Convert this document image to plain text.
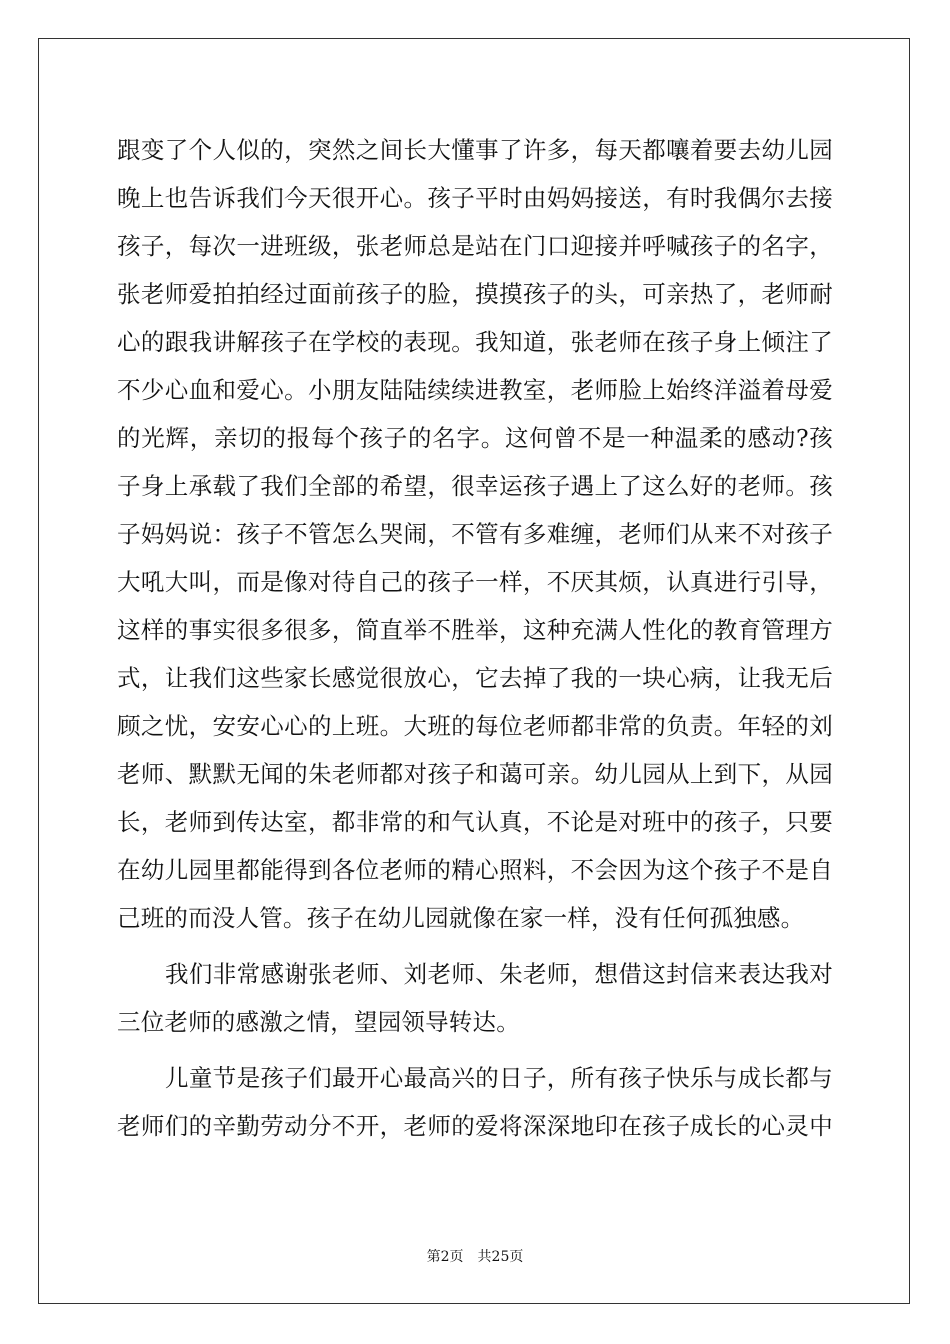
跟变了个人似的，突然之间长大懂事了许多，每天都嚷着要去幼儿园
晚上也告诉我们今天很开心。孩子平时由妈妈接送，有时我偶尔去接
孩子，每次一进班级，张老师总是站在门口迎接并呼喊孩子的名字，
张老师爱拍拍经过面前孩子的脸，摸摸孩子的头，可亲热了，老师耐
心的跟我讲解孩子在学校的表现。我知道，张老师在孩子身上倾注了
不少心血和爱心。小朋友陆陆续续进教室，老师脸上始终洋溢着母爱
的光辉，亲切的报每个孩子的名字。这何曾不是一种温柔的感动?孩
子身上承载了我们全部的希望，很幸运孩子遇上了这么好的老师。孩
子妈妈说：孩子不管怎么哭闹，不管有多难缠，老师们从来不对孩子
大吼大叫，而是像对待自己的孩子一样，不厌其烦，认真进行引导，
这样的事实很多很多，简直举不胜举，这种充满人性化的教育管理方
式，让我们这些家长感觉很放心，它去掉了我的一块心病，让我无后
顾之忧，安安心心的上班。大班的每位老师都非常的负责。年轻的刘
老师、默默无闻的朱老师都对孩子和蔼可亲。幼儿园从上到下，从园
长，老师到传达室，都非常的和气认真，不论是对班中的孩子，只要
在幼儿园里都能得到各位老师的精心照料，不会因为这个孩子不是自
己班的而没人管。孩子在幼儿园就像在家一样，没有任何孤独感。
我们非常感谢张老师、刘老师、朱老师，想借这封信来表达我对
三位老师的感激之情，望园领导转达。
儿童节是孩子们最开心最高兴的日子，所有孩子快乐与成长都与
老师们的辛勤劳动分不开，老师的爱将深深地印在孩子成长的心灵中
第2页 共25页
